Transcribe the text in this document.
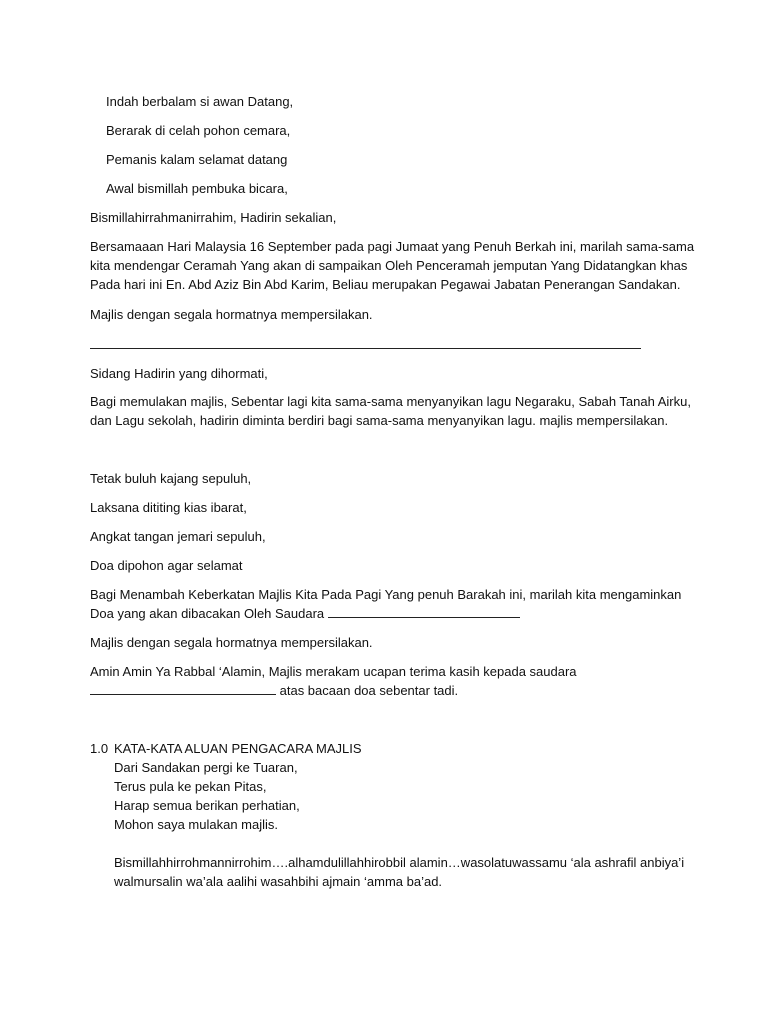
Indah berbalam si awan Datang,
Berarak di celah pohon cemara,
Pemanis kalam selamat datang
Awal bismillah pembuka bicara,
Bismillahirrahmanirrahim, Hadirin sekalian,
Bersamaaan Hari Malaysia 16 September pada pagi Jumaat yang Penuh Berkah ini, marilah sama-sama
kita mendengar Ceramah Yang akan di sampaikan Oleh Penceramah jemputan Yang Didatangkan khas
Pada hari ini En. Abd Aziz Bin Abd Karim, Beliau merupakan Pegawai Jabatan Penerangan Sandakan.
Majlis dengan segala hormatnya mempersilakan.
Sidang Hadirin yang dihormati,
Bagi memulakan majlis, Sebentar lagi kita sama-sama menyanyikan lagu Negaraku, Sabah Tanah Airku,
dan Lagu sekolah, hadirin diminta berdiri bagi sama-sama menyanyikan lagu. majlis mempersilakan.
Tetak buluh kajang sepuluh,
Laksana dititing kias ibarat,
Angkat tangan jemari sepuluh,
Doa dipohon agar selamat
Bagi Menambah Keberkatan Majlis Kita Pada Pagi Yang penuh Barakah ini, marilah kita mengaminkan
Doa yang akan dibacakan Oleh Saudara
Majlis dengan segala hormatnya mempersilakan.
Amin Amin Ya Rabbal ‘Alamin, Majlis merakam ucapan terima kasih kepada saudara
atas bacaan doa sebentar tadi.
1.0 KATA-KATA ALUAN PENGACARA MAJLIS
Dari Sandakan pergi ke Tuaran,
Terus pula ke pekan Pitas,
Harap semua berikan perhatian,
Mohon saya mulakan majlis.
Bismillahhirrohmannirrohim….alhamdulillahhirobbil alamin…wasolatuwassamu ‘ala ashrafil anbiya’i
walmursalin wa’ala aalihi wasahbihi ajmain ‘amma ba’ad.
